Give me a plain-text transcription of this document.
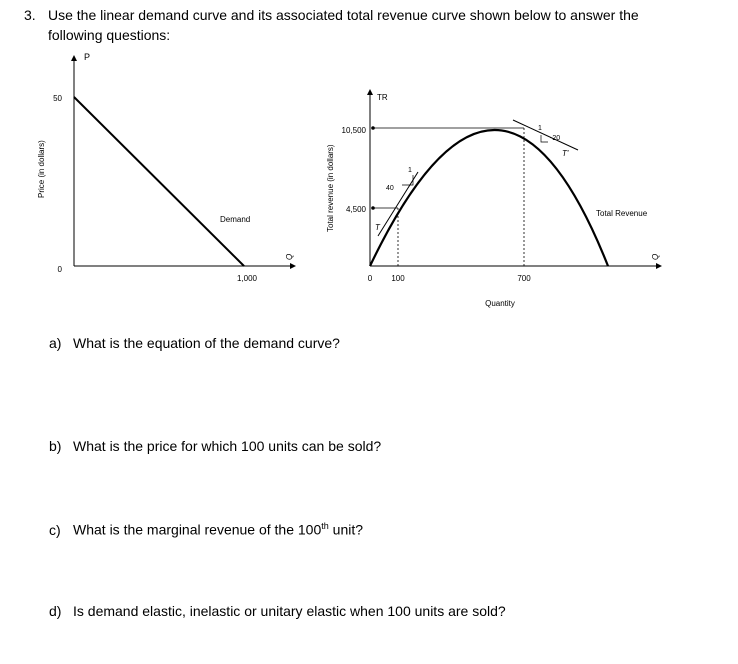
3. Use the linear demand curve and its associated total revenue curve shown below to answer the
following questions:
P
50
0
1,000
Demand
Price (in dollars)
Q
TR
10,500
4,500
0 100	700
Quantity
Total Revenue
T
T'
1
40
1
-20
Total revenue (in dollars)
Q
a) What is the equation of the demand curve?
b) What is the price for which 100 units can be sold?
c) What is the marginal revenue of the 100th unit?
d) Is demand elastic, inelastic or unitary elastic when 100 units are sold?
